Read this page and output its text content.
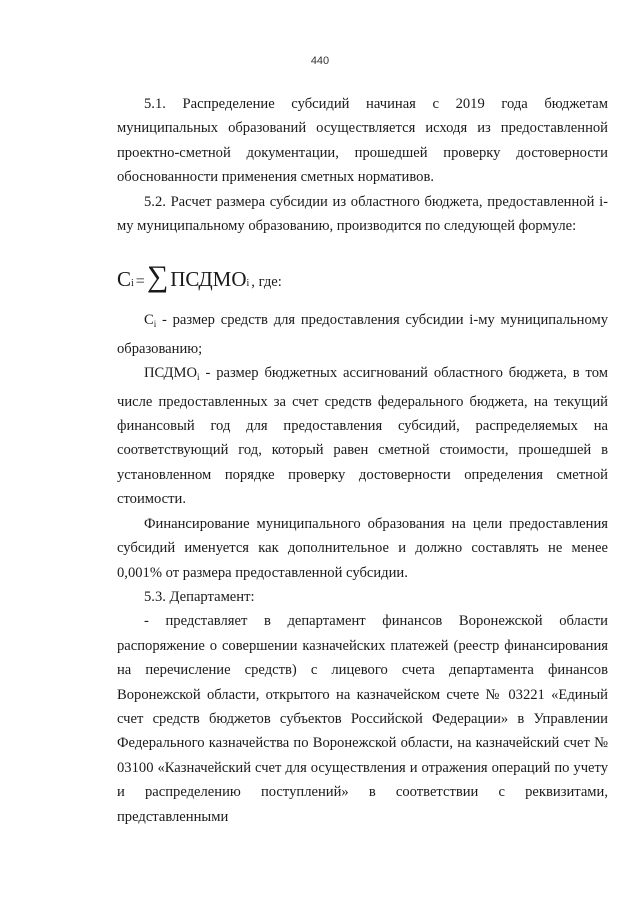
440

5.1. Распределение субсидий начиная с 2019 года бюджетам муниципальных образований осуществляется исходя из предоставленной проектно-сметной документации, прошедшей проверку достоверности обоснованности применения сметных нормативов.

5.2. Расчет размера субсидии из областного бюджета, предоставленной i-му муниципальному образованию, производится по следующей формуле:

С i = ∑ ПСДМО i , где:

$С_i$ - размер средств для предоставления субсидии i-му муниципальному образованию;

$ПСДМО_i$ - размер бюджетных ассигнований областного бюджета, в том числе предоставленных за счет средств федерального бюджета, на текущий финансовый год для предоставления субсидий, распределяемых на соответствующий год, который равен сметной стоимости, прошедшей в установленном порядке проверку достоверности определения сметной стоимости.

Финансирование муниципального образования на цели предоставления субсидий именуется как дополнительное и должно составлять не менее 0,001% от размера предоставленной субсидии.

5.3. Департамент:

- представляет в департамент финансов Воронежской области распоряжение о совершении казначейских платежей (реестр финансирования на перечисление средств) с лицевого счета департамента финансов Воронежской области, открытого на казначейском счете № 03221 «Единый счет средств бюджетов субъектов Российской Федерации» в Управлении Федерального казначейства по Воронежской области, на казначейский счет № 03100 «Казначейский счет для осуществления и отражения операций по учету и распределению поступлений» в соответствии с реквизитами, представленными
